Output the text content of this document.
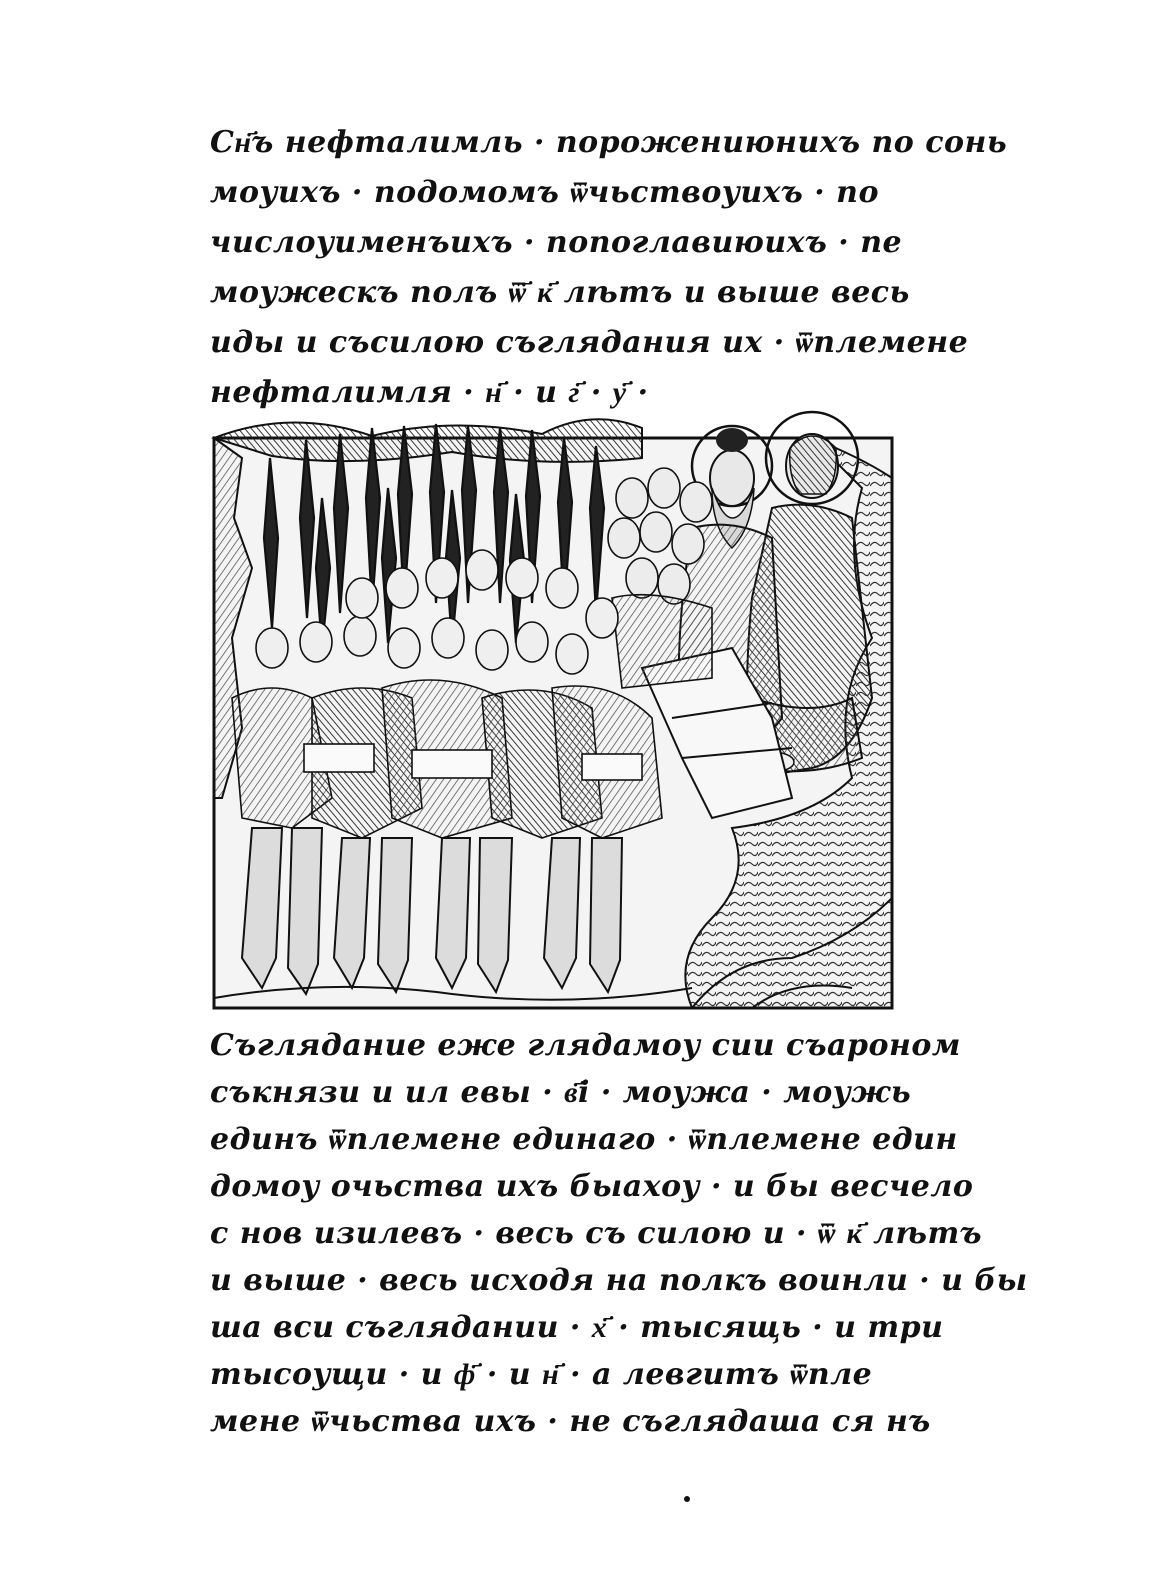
Сн҃ъ нефталимль · порожениюнихъ по сонь
моуихъ · подомомъ ѿчьствоуихъ · по
числоуименъихъ · попоглавиюихъ · пе
моужескъ полъ ѿ҃ к҃ лѣтъ и выше весь
иды и съсилою съглядания их · ѿплемене
нефталимля · н҃ · и г҃ · у҃ ·
Съглядание еже глядамоу сии съароном
съкнязи и ил евы · в҃і · моужа · моужь
единъ ѿплемене единаго · ѿплемене един
домоу очьства ихъ быахоу · и бы весчело
с нов изилевъ · весь съ силою и · ѿ к҃ лѣтъ
и выше · весь исходя на полкъ воинли · и бы
ша вси съглядании · х҃ · тысящь · и три
тысоущи · и ф҃ · и н҃ · а левгитъ ѿпле
мене ѿчьства ихъ · не съглядаша ся нъ
